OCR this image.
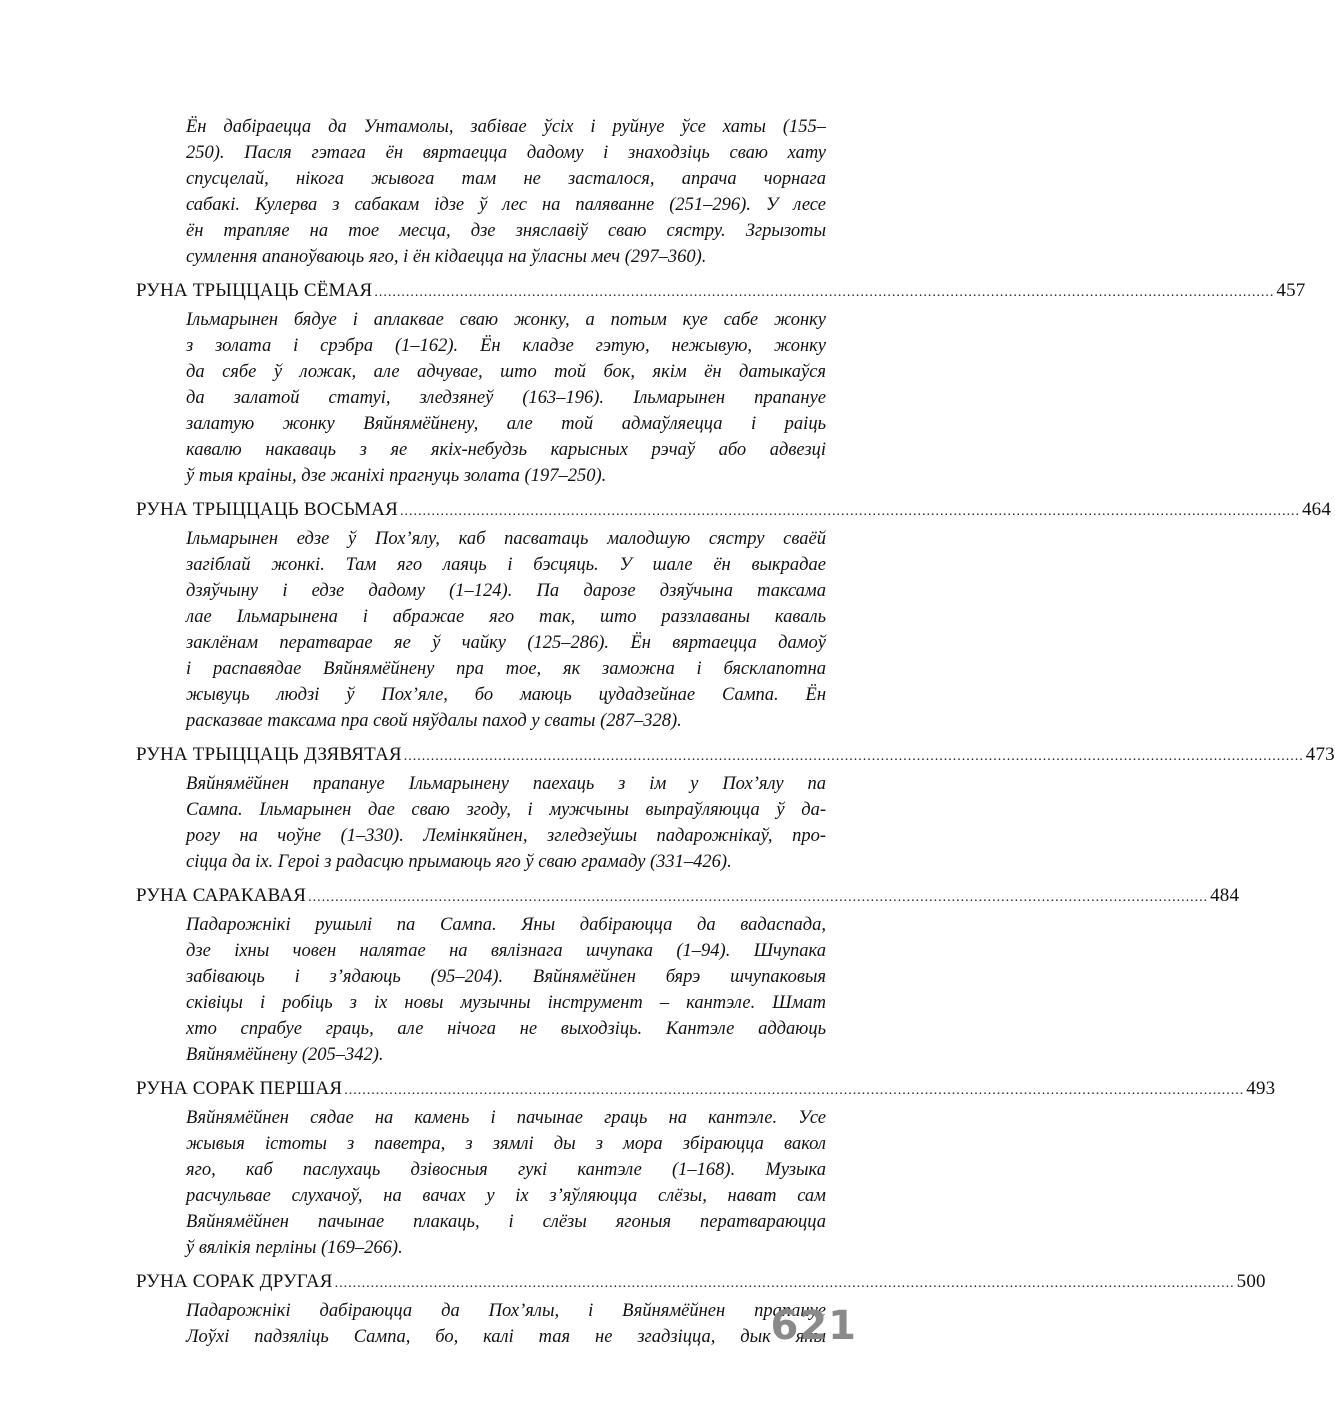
Ён дабіраецца да Унтамолы, забівае ўсіх і руйнуе ўсе хаты (155–
250). Пасля гэтага ён вяртаецца дадому і знаходзіць сваю хату
спусцелай, нікога жывога там не засталося, апрача чорнага
сабакі. Кулерва з сабакам ідзе ў лес на паляванне (251–296). У лесе
ён трапляе на тое месца, дзе зняславіў сваю сястру. Згрызоты
сумлення апаноўваюць яго, і ён кідаецца на ўласны меч (297–360).
РУНА ТРЫЦЦАЦЬ СЁМАЯ ........................................................................................................................................................................................................ 457
Ільмарынен бядуе і аплаквае сваю жонку, а потым куе сабе жонку
з золата і срэбра (1–162). Ён кладзе гэтую, нежывую, жонку
да сябе ў ложак, але адчувае, што той бок, якім ён датыкаўся
да залатой статуі, зледзянеў (163–196). Ільмарынен прапануе
залатую жонку Вяйнямёйнену, але той адмаўляецца і раіць
кавалю накаваць з яе якіх-небудзь карысных рэчаў або адвезці
ў тыя краіны, дзе жаніхі прагнуць золата (197–250).
РУНА ТРЫЦЦАЦЬ ВОСЬМАЯ ........................................................................................................................................................................................................ 464
Ільмарынен едзе ў Пох’ялу, каб пасватаць малодшую сястру сваёй
загіблай жонкі. Там яго лаяць і бэсцяць. У шале ён выкрадае
дзяўчыну і едзе дадому (1–124). Па дарозе дзяўчына таксама
лае Ільмарынена і абражае яго так, што раззлаваны каваль
заклёнам ператварае яе ў чайку (125–286). Ён вяртаецца дамоў
і распавядае Вяйнямёйнену пра тое, як заможна і бясклапотна
жывуць людзі ў Пох’яле, бо маюць цудадзейнае Сампа. Ён
расказвае таксама пра свой няўдалы паход у сваты (287–328).
РУНА ТРЫЦЦАЦЬ ДЗЯВЯТАЯ ........................................................................................................................................................................................................ 473
Вяйнямёйнен прапануе Ільмарынену паехаць з ім у Пох’ялу па
Сампа. Ільмарынен дае сваю згоду, і мужчыны выпраўляюцца ў да-
рогу на чоўне (1–330). Лемінкяйнен, згледзеўшы падарожнікаў, про-
сіцца да іх. Героі з радасцю прымаюць яго ў сваю грамаду (331–426).
РУНА САРАКАВАЯ ........................................................................................................................................................................................................ 484
Падарожнікі рушылі па Сампа. Яны дабіраюцца да вадаспада,
дзе іхны човен налятае на вялізнага шчупака (1–94). Шчупака
забіваюць і з’ядаюць (95–204). Вяйнямёйнен бярэ шчупаковыя
сківіцы і робіць з іх новы музычны інструмент – кантэле. Шмат
хто спрабуе граць, але нічога не выходзіць. Кантэле аддаюць
Вяйнямёйнену (205–342).
РУНА СОРАК ПЕРШАЯ ........................................................................................................................................................................................................ 493
Вяйнямёйнен сядае на камень і пачынае граць на кантэле. Усе
жывыя істоты з паветра, з зямлі ды з мора збіраюцца вакол
яго, каб паслухаць дзівосныя гукі кантэле (1–168). Музыка
расчульвае слухачоў, на вачах у іх з’яўляюцца слёзы, нават сам
Вяйнямёйнен пачынае плакаць, і слёзы ягоныя ператвараюцца
ў вялікія перліны (169–266).
РУНА СОРАК ДРУГАЯ ........................................................................................................................................................................................................ 500
Падарожнікі дабіраюцца да Пох’ялы, і Вяйнямёйнен прапануе
Лоўхі падзяліць Сампа, бо, калі тая не згадзіцца, дык яны
621
